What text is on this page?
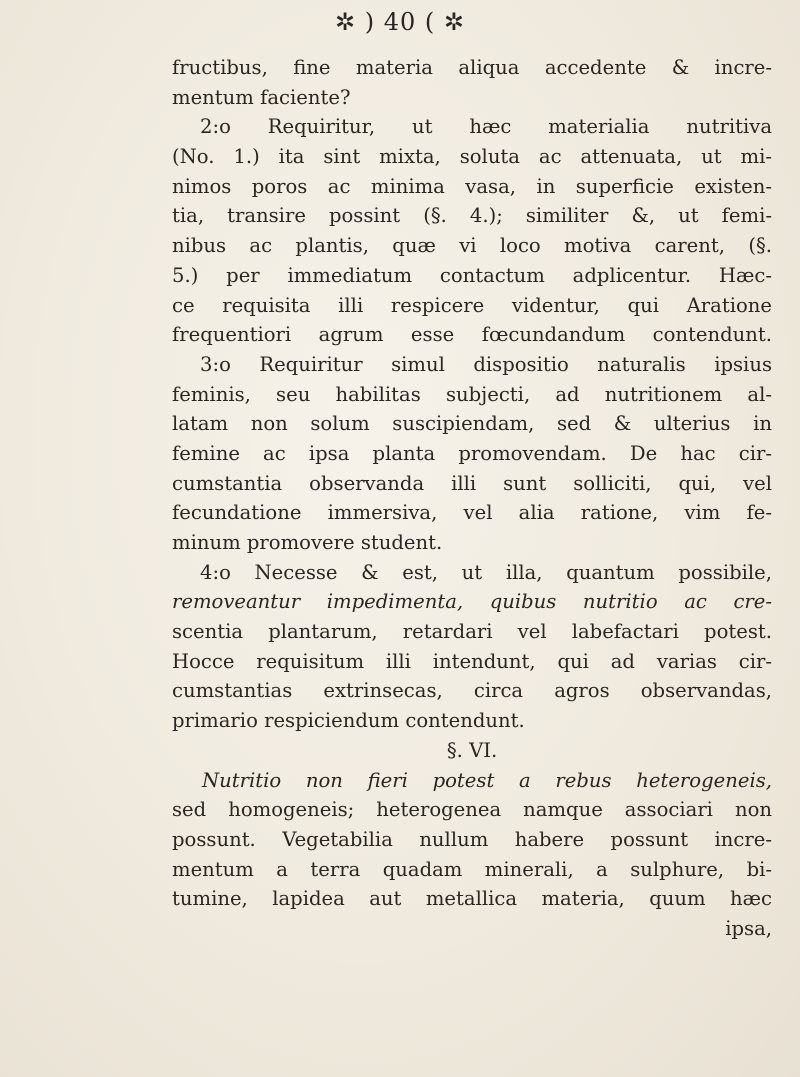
✲ ) 40 ( ✲
fructibus, fine materia aliqua accedente & incre-
mentum faciente?
2:o Requiritur, ut hæc materialia nutritiva
(No. 1.) ita sint mixta, soluta ac attenuata, ut mi-
nimos poros ac minima vasa, in superficie existen-
tia, transire possint (§. 4.); similiter &, ut femi-
nibus ac plantis, quæ vi loco motiva carent, (§.
5.) per immediatum contactum adplicentur. Hæc-
ce requisita illi respicere videntur, qui Aratione
frequentiori agrum esse fœcundandum contendunt.
3:o Requiritur simul dispositio naturalis ipsius
feminis, seu habilitas subjecti, ad nutritionem al-
latam non solum suscipiendam, sed & ulterius in
femine ac ipsa planta promovendam. De hac cir-
cumstantia observanda illi sunt solliciti, qui, vel
fecundatione immersiva, vel alia ratione, vim fe-
minum promovere student.
4:o Necesse & est, ut illa, quantum possibile,
removeantur impedimenta, quibus nutritio ac cre-
scentia plantarum, retardari vel labefactari potest.
Hocce requisitum illi intendunt, qui ad varias cir-
cumstantias extrinsecas, circa agros observandas,
primario respiciendum contendunt.
§. VI.
Nutritio non fieri potest a rebus heterogeneis,
sed homogeneis; heterogenea namque associari non
possunt. Vegetabilia nullum habere possunt incre-
mentum a terra quadam minerali, a sulphure, bi-
tumine, lapidea aut metallica materia, quum hæc
ipsa,
